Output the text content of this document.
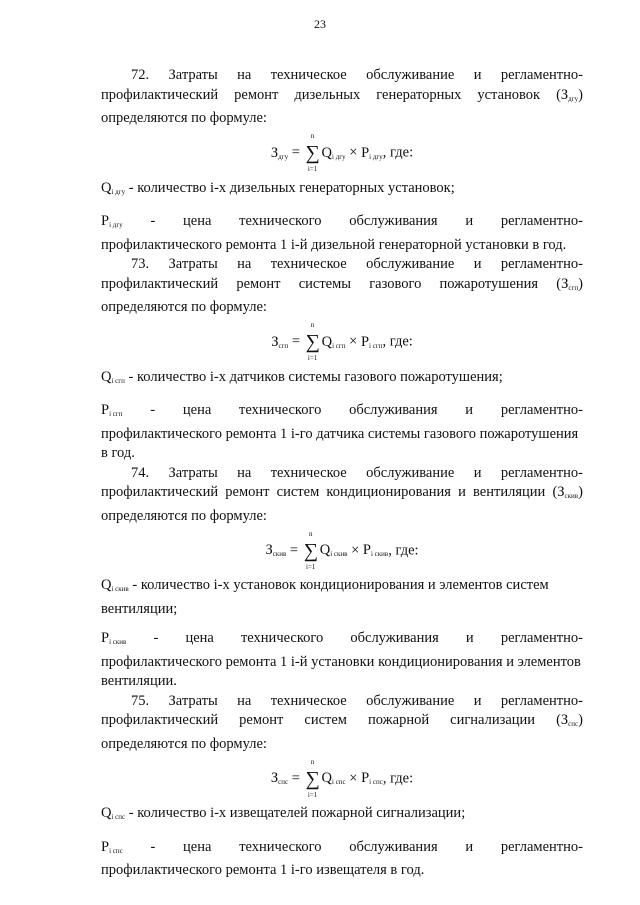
23
72. Затраты на техническое обслуживание и регламентно-
профилактический ремонт дизельных генераторных установок $(З_{дгу})$
определяются по формуле:
$З_{дгу}$ =
n
∑
i=1
$Q_{i дгу} \times P_{i дгу}$, где:
$Q_{i дгу}$ - количество i-х дизельных генераторных установок;
$P_{i дгу}$ - цена технического обслуживания и регламентно-
профилактического ремонта 1 i-й дизельной генераторной установки в год.
73. Затраты на техническое обслуживание и регламентно-
профилактический ремонт системы газового пожаротушения $(З_{сгп})$
определяются по формуле:
$З_{сгп}$ =
n
∑
i=1
$Q_{i сгп} \times P_{i сгп}$, где:
$Q_{i сгп}$ - количество i-х датчиков системы газового пожаротушения;
$P_{i сгп}$ - цена технического обслуживания и регламентно-
профилактического ремонта 1 i-го датчика системы газового пожаротушения в год.
74. Затраты на техническое обслуживание и регламентно-
профилактический ремонт систем кондиционирования и вентиляции $(З_{скив})$
определяются по формуле:
$З_{скив}$ =
n
∑
i=1
$Q_{i скив} \times P_{i скив}$, где:
$Q_{i скив}$ - количество i-х установок кондиционирования и элементов систем вентиляции;
$P_{i скив}$ - цена технического обслуживания и регламентно-
профилактического ремонта 1 i-й установки кондиционирования и элементов вентиляции.
75. Затраты на техническое обслуживание и регламентно-
профилактический ремонт систем пожарной сигнализации $(З_{спс})$
определяются по формуле:
$З_{спс}$ =
n
∑
i=1
$Q_{i спс} \times P_{i спс}$, где:
$Q_{i спс}$ - количество i-х извещателей пожарной сигнализации;
$P_{i спс}$ - цена технического обслуживания и регламентно-
профилактического ремонта 1 i-го извещателя в год.
